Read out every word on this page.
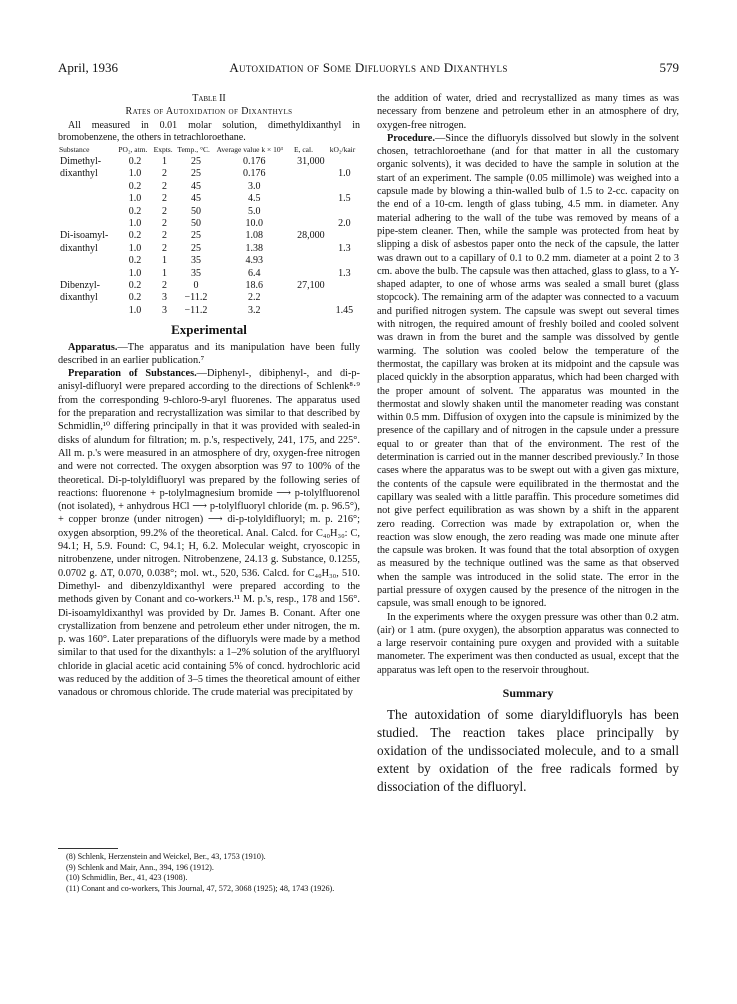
April, 1936	Autoxidation of Some Difluoryls and Dixanthyls	579
Table II
Rates of Autoxidation of Dixanthyls
All measured in 0.01 molar solution, dimethyldixanthyl in bromobenzene, the others in tetrachloroethane.
Substance	PO₂, atm.	Expts.	Temp., °C.	Average value k × 10³	E, cal.	kO₂/kair
Dimethyl-	0.2	1	25	0.176	31,000	
dixanthyl	1.0	2	25	0.176		1.0
	0.2	2	45	3.0		
	1.0	2	45	4.5		1.5
	0.2	2	50	5.0		
	1.0	2	50	10.0		2.0
Di-isoamyl-	0.2	2	25	1.08	28,000	
dixanthyl	1.0	2	25	1.38		1.3
	0.2	1	35	4.93		
	1.0	1	35	6.4		1.3
Dibenzyl-	0.2	2	0	18.6	27,100	
dixanthyl	0.2	3	−11.2	2.2		
	1.0	3	−11.2	3.2		1.45
Experimental

Apparatus.—The apparatus and its manipulation have been fully described in an earlier publication.⁷

Preparation of Substances.—Diphenyl-, dibiphenyl-, and di-p-anisyl-difluoryl were prepared according to the directions of Schlenk⁸·⁹ from the corresponding 9-chloro-9-aryl fluorenes. The apparatus used for the preparation and recrystallization was similar to that described by Schmidlin,¹⁰ differing principally in that it was provided with sealed-in disks of alundum for filtration; m. p.'s, respectively, 241, 175, and 225°. All m. p.'s were measured in an atmosphere of dry, oxygen-free nitrogen and were not corrected. The oxygen absorption was 97 to 100% of the theoretical. Di-p-tolyldifluoryl was prepared by the following series of reactions: fluorenone + p-tolylmagnesium bromide ⟶ p-tolylfluorenol (not isolated), + anhydrous HCl ⟶ p-tolylfluoryl chloride (m. p. 96.5°), + copper bronze (under nitrogen) ⟶ di-p-tolyldifluoryl; m. p. 216°; oxygen absorption, 99.2% of the theoretical. Anal. Calcd. for C₄₀H₃₀: C, 94.1; H, 5.9. Found: C, 94.1; H, 6.2. Molecular weight, cryoscopic in nitrobenzene, under nitrogen. Nitrobenzene, 24.13 g. Substance, 0.1255, 0.0702 g. ΔT, 0.070, 0.038°; mol. wt., 520, 536. Calcd. for C₄₀H₃₀, 510. Dimethyl- and dibenzyldixanthyl were prepared according to the methods given by Conant and co-workers.¹¹ M. p.'s, resp., 178 and 156°. Di-isoamyldixanthyl was provided by Dr. James B. Conant. After one crystallization from benzene and petroleum ether under nitrogen, the m. p. was 160°. Later preparations of the difluoryls were made by a method similar to that used for the dixanthyls: a 1–2% solution of the arylfluoryl chloride in glacial acetic acid containing 5% of concd. hydrochloric acid was reduced by the addition of 3–5 times the theoretical amount of either vanadous or chromous chloride. The crude material was precipitated by

(8) Schlenk, Herzenstein and Weickel, Ber., 43, 1753 (1910).
(9) Schlenk and Mair, Ann., 394, 196 (1912).
(10) Schmidlin, Ber., 41, 423 (1908).
(11) Conant and co-workers, This Journal, 47, 572, 3068 (1925); 48, 1743 (1926).

the addition of water, dried and recrystallized as many times as was necessary from benzene and petroleum ether in an atmosphere of dry, oxygen-free nitrogen.

Procedure.—Since the difluoryls dissolved but slowly in the solvent chosen, tetrachloroethane (and for that matter in all the customary organic solvents), it was decided to have the sample in solution at the start of an experiment. The sample (0.05 millimole) was weighed into a capsule made by blowing a thin-walled bulb of 1.5 to 2-cc. capacity on the end of a 10-cm. length of glass tubing, 4.5 mm. in diameter. Any material adhering to the wall of the tube was removed by means of a pipe-stem cleaner. Then, while the sample was protected from heat by slipping a disk of asbestos paper onto the neck of the capsule, the latter was drawn out to a capillary of 0.1 to 0.2 mm. diameter at a point 2 to 3 cm. above the bulb. The capsule was then attached, glass to glass, to a Y-shaped adapter, to one of whose arms was sealed a small buret (glass stopcock). The remaining arm of the adapter was connected to a vacuum and purified nitrogen system. The capsule was swept out several times with nitrogen, the required amount of freshly boiled and cooled solvent was drawn in from the buret and the sample was dissolved by gentle warming. The solution was cooled below the temperature of the thermostat, the capillary was broken at its midpoint and the capsule was placed quickly in the absorption apparatus, which had been charged with the proper amount of solvent. The apparatus was mounted in the thermostat and slowly shaken until the manometer reading was constant within 0.5 mm. Diffusion of oxygen into the capsule is minimized by the presence of the capillary and of nitrogen in the capsule under a pressure equal to or greater than that of the environment. The rest of the determination is carried out in the manner described previously.⁷ In those cases where the apparatus was to be swept out with a given gas mixture, the contents of the capsule were equilibrated in the thermostat and the capillary was sealed with a little paraffin. This procedure sometimes did not give perfect equilibration as was shown by a shift in the apparent zero reading. Correction was made by extrapolation or, when the reaction was slow enough, the zero reading was made one minute after the capsule was broken. It was found that the total absorption of oxygen as measured by the technique outlined was the same as that observed when the sample was introduced in the solid state. The error in the partial pressure of oxygen caused by the presence of the nitrogen in the capsule, was small enough to be ignored.

In the experiments where the oxygen pressure was other than 0.2 atm. (air) or 1 atm. (pure oxygen), the absorption apparatus was connected to a large reservoir containing pure oxygen and provided with a suitable manometer. The experiment was then conducted as usual, except that the apparatus was left open to the reservoir throughout.

Summary

The autoxidation of some diaryldifluoryls has been studied. The reaction takes place principally by oxidation of the undissociated molecule, and to a small extent by oxidation of the free radicals formed by dissociation of the difluoryl.
